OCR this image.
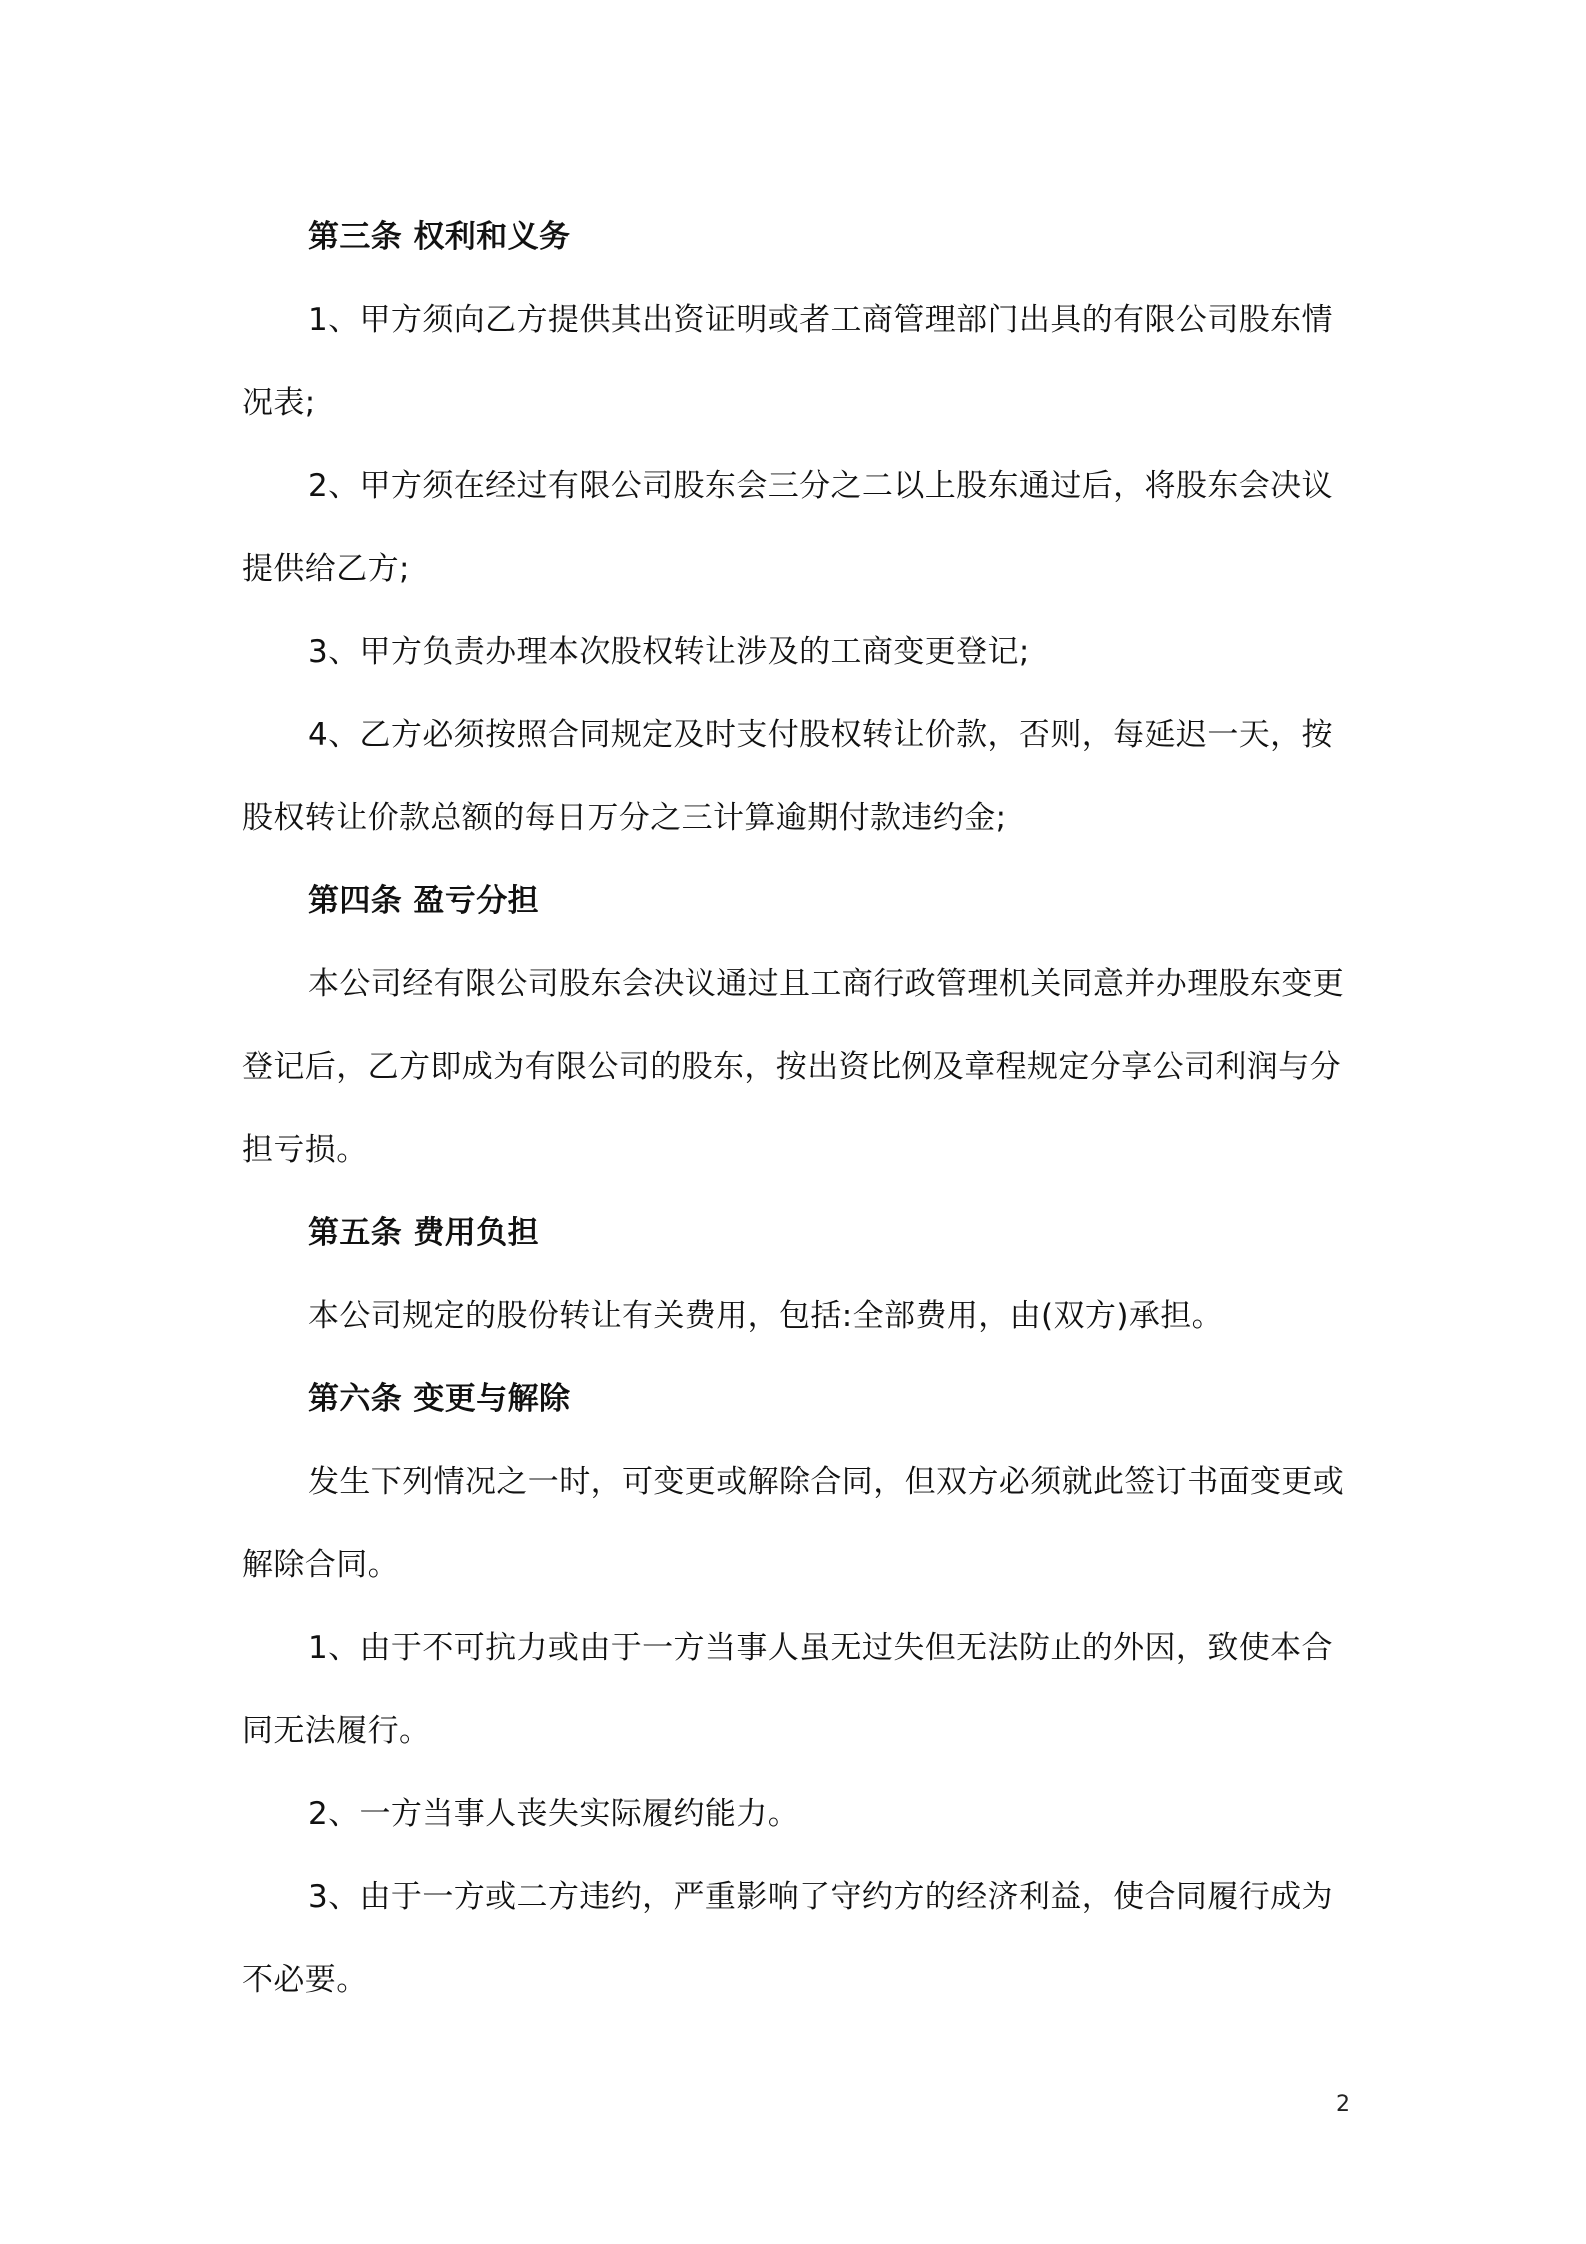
第三条 权利和义务

1、甲方须向乙方提供其出资证明或者工商管理部门出具的有限公司股东情况表;

2、甲方须在经过有限公司股东会三分之二以上股东通过后，将股东会决议提供给乙方;

3、甲方负责办理本次股权转让涉及的工商变更登记;

4、乙方必须按照合同规定及时支付股权转让价款，否则，每延迟一天，按股权转让价款总额的每日万分之三计算逾期付款违约金;

第四条 盈亏分担

本公司经有限公司股东会决议通过且工商行政管理机关同意并办理股东变更登记后，乙方即成为有限公司的股东，按出资比例及章程规定分享公司利润与分担亏损。

第五条 费用负担

本公司规定的股份转让有关费用，包括:全部费用，由(双方)承担。

第六条 变更与解除

发生下列情况之一时，可变更或解除合同，但双方必须就此签订书面变更或解除合同。

1、由于不可抗力或由于一方当事人虽无过失但无法防止的外因，致使本合同无法履行。

2、一方当事人丧失实际履约能力。

3、由于一方或二方违约，严重影响了守约方的经济利益，使合同履行成为不必要。

2
